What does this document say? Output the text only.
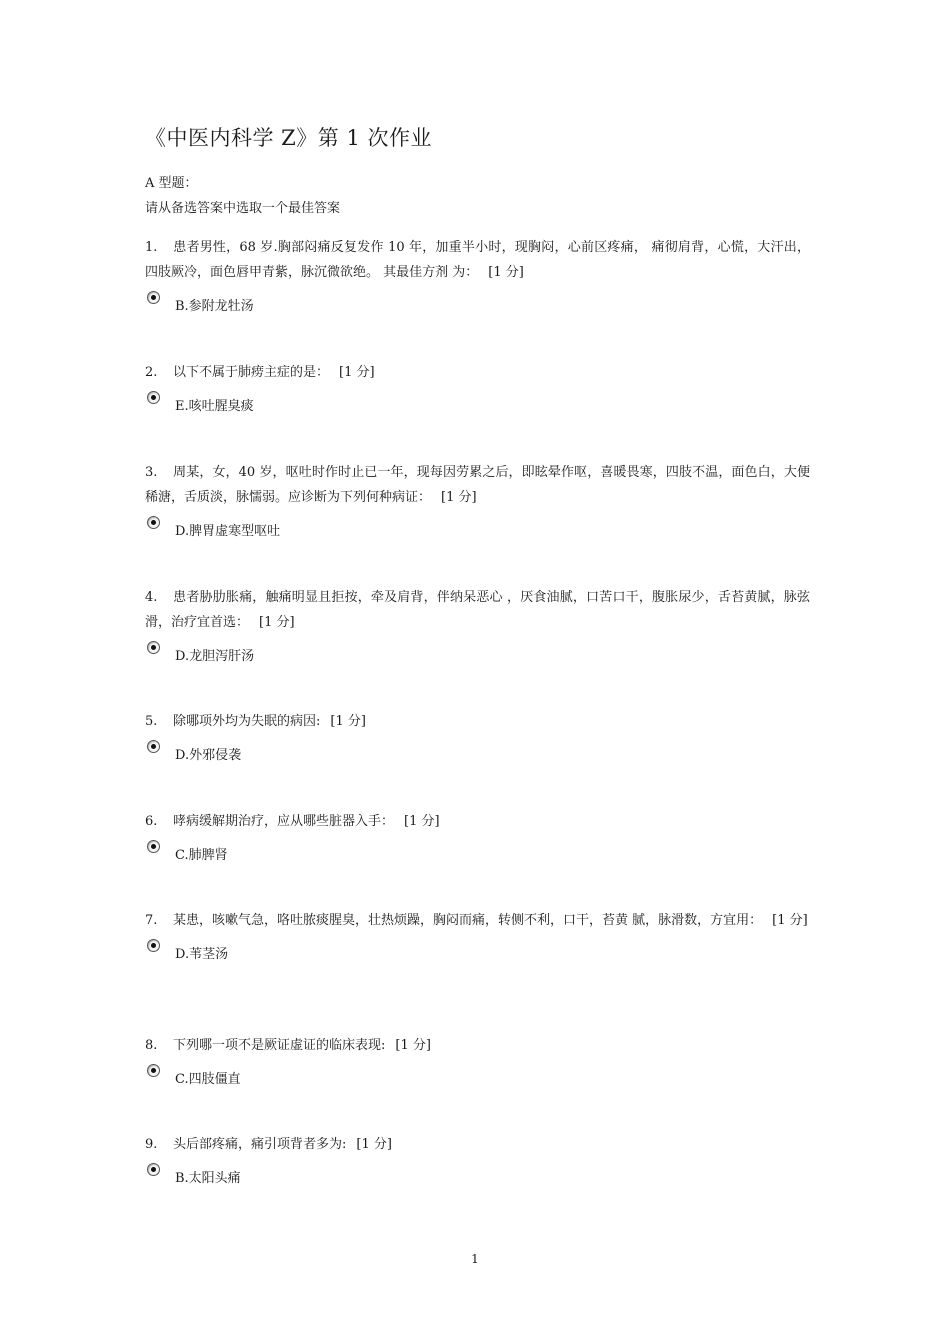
《中医内科学 Z》第 1 次作业
A 型题：
请从备选答案中选取一个最佳答案
1. 患者男性，68 岁.胸部闷痛反复发作 10 年，加重半小时，现胸闷，心前区疼痛， 痛彻肩背，心慌，大汗出，四肢厥冷，面色唇甲青紫，脉沉微欲绝。 其最佳方剂 为： [1 分]
B.参附龙牡汤
2. 以下不属于肺痨主症的是： [1 分]
E.咳吐腥臭痰
3. 周某，女，40 岁，呕吐时作时止已一年，现每因劳累之后，即眩晕作呕，喜暖畏寒，四肢不温，面色白，大便稀溏，舌质淡，脉懦弱。应诊断为下列何种病证： [1 分]
D.脾胃虚寒型呕吐
4. 患者胁肋胀痛，触痛明显且拒按，牵及肩背，伴纳呆恶心 ，厌食油腻，口苦口干，腹胀尿少，舌苔黄腻，脉弦滑，治疗宜首选： [1 分]
D.龙胆泻肝汤
5. 除哪项外均为失眠的病因: [1 分]
D.外邪侵袭
6. 哮病缓解期治疗，应从哪些脏器入手： [1 分]
C.肺脾肾
7. 某患，咳嗽气急，咯吐脓痰腥臭，壮热烦躁，胸闷而痛，转侧不利，口干，苔黄 腻，脉滑数，方宜用： [1 分]
D.苇茎汤
8. 下列哪一项不是厥证虚证的临床表现: [1 分]
C.四肢僵直
9. 头后部疼痛，痛引项背者多为: [1 分]
B.太阳头痛
1
